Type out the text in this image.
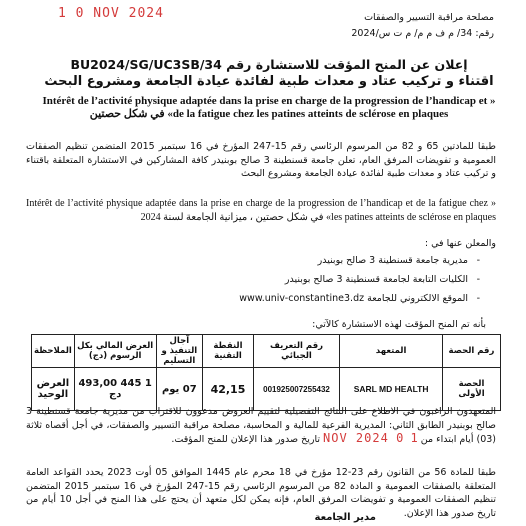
1 0 NOV 2024	مصلحة مراقبة التسيير والصفقات
رقم: 34/ م ف م م/ م ت س/2024
إعلان عن المنح المؤقت للاستشارة رقم BU2024/SG/UC3SB/34
اقتناء و تركيب عتاد و معدات طبية لفائدة عيادة الجامعة ومشروع البحث
« Intérêt de l’activité physique adaptée dans la prise en charge de la progression de l’handicap et de la fatigue chez les patines atteints de sclérose en plaques» في شكل حصتين
طبقا للمادتين 65 و 82 من المرسوم الرئاسي رقم 15-247 المؤرخ في 16 سبتمبر 2015 المتضمن تنظيم الصفقات العمومية و تفويضات المرفق العام، تعلن جامعة قسنطينة 3 صالح بوبنيدر كافة المشاركين في الاستشارة المتعلقة باقتناء و تركيب عتاد و معدات طبية لفائدة عيادة الجامعة ومشروع البحث
« Intérêt de l’activité physique adaptée dans la prise en charge de la progression de l’handicap et de la fatigue chez les patines atteints de sclérose en plaques» في شكل حصتين ، ميزانية الجامعة لسنة 2024
والمعلن عنها في :
- مديرية جامعة قسنطينة 3 صالح بوبنيدر
- الكليات التابعة لجامعة قسنطينة 3 صالح بوبنيدر
- الموقع الالكتروني للجامعة www.univ-constantine3.dz
بأنه تم المنح المؤقت لهذه الاستشارة كالآتي:
رقم الحصة	المتعهد	رقم التعريف الجبائي	النقطة التقنية	آجال التنفيذ و التسليم	العرض المالي بكل الرسوم (دج)	الملاحظة
الحصة الأولى	SARL MD HEALTH	001925007255432	42,15	07 يوم	1 445 493,00 دج	العرض الوحيد
المتعهدون الراغبون في الاطلاع على النتائج التفصيلية لتقييم العروض مدعوون للاقتراب من مديرية جامعة قسنطينة 3 صالح بوبنيدر الطابق الثاني: المديرية الفرعية للمالية و المحاسبة، مصلحة مراقبة التسيير والصفقات، في أجل أقصاه ثلاثة (03) أيام ابتداء من 1 0 NOV 2024 تاريخ صدور هذا الإعلان للمنح المؤقت.
طبقا للمادة 56 من القانون رقم 23-12 مؤرخ في 18 محرم عام 1445 الموافق 05 أوت 2023 يحدد القواعد العامة المتعلقة بالصفقات العمومية و المادة 82 من المرسوم الرئاسي رقم 15-247 المؤرخ في 16 سبتمبر 2015 المتضمن تنظيم الصفقات العمومية و تفويضات المرفق العام، فإنه يمكن لكل متعهد أن يحتج على هذا المنح في أجل 10 أيام من تاريخ صدور هذا الإعلان.
مدير الجامعة
